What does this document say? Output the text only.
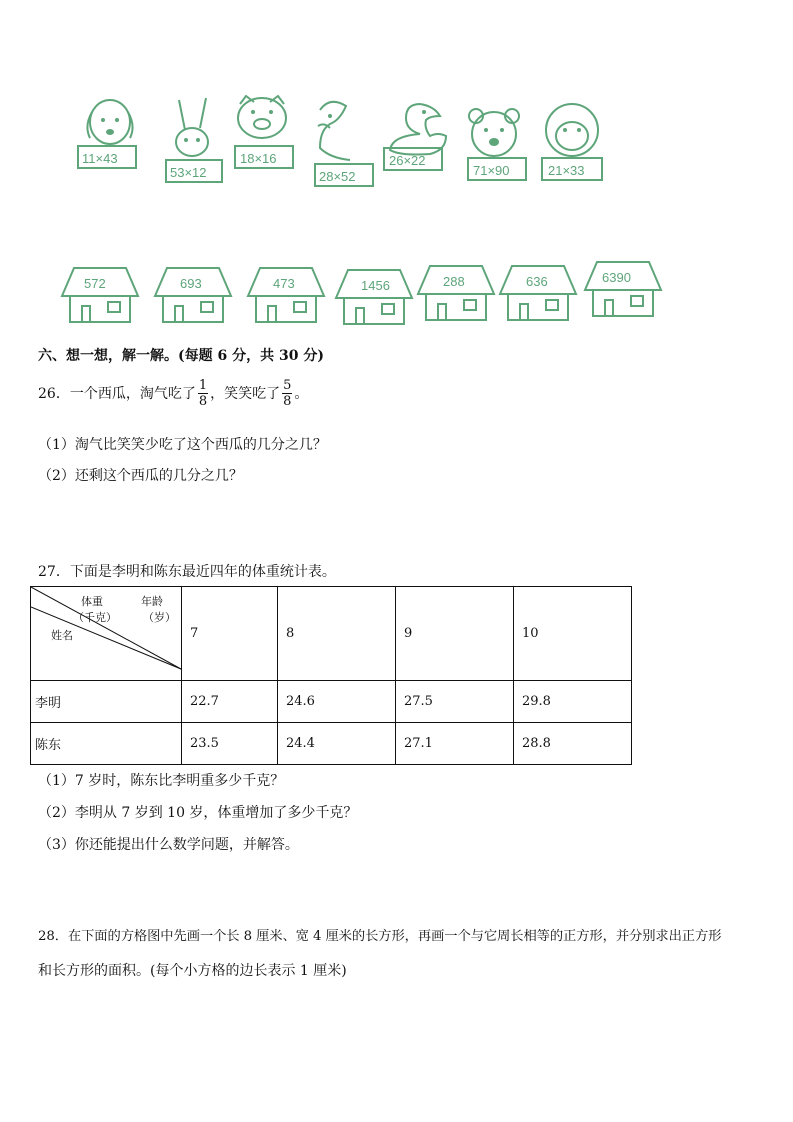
11×43
53×12
18×16
28×52
26×22
71×90	21×33
572	693	473	1456	288	636	6390
六、想一想，解一解。(每题 6 分，共 30 分)
26．一个西瓜，淘气吃了 $\frac{1}{8}$ ，笑笑吃了 $\frac{5}{8}$ 。
（1）淘气比笑笑少吃了这个西瓜的几分之几？
（2）还剩这个西瓜的几分之几？
27．下面是李明和陈东最近四年的体重统计表。
体重
（千克）
年龄
（岁）
姓名	7	8	9	10
李明	22.7	24.6	27.5	29.8
陈东	23.5	24.4	27.1	28.8
（1）7 岁时，陈东比李明重多少千克？
（2）李明从 7 岁到 10 岁，体重增加了多少千克？
（3）你还能提出什么数学问题，并解答。
28．在下面的方格图中先画一个长 8 厘米、宽 4 厘米的长方形，再画一个与它周长相等的正方形，并分别求出正方形
和长方形的面积。(每个小方格的边长表示 1 厘米)
